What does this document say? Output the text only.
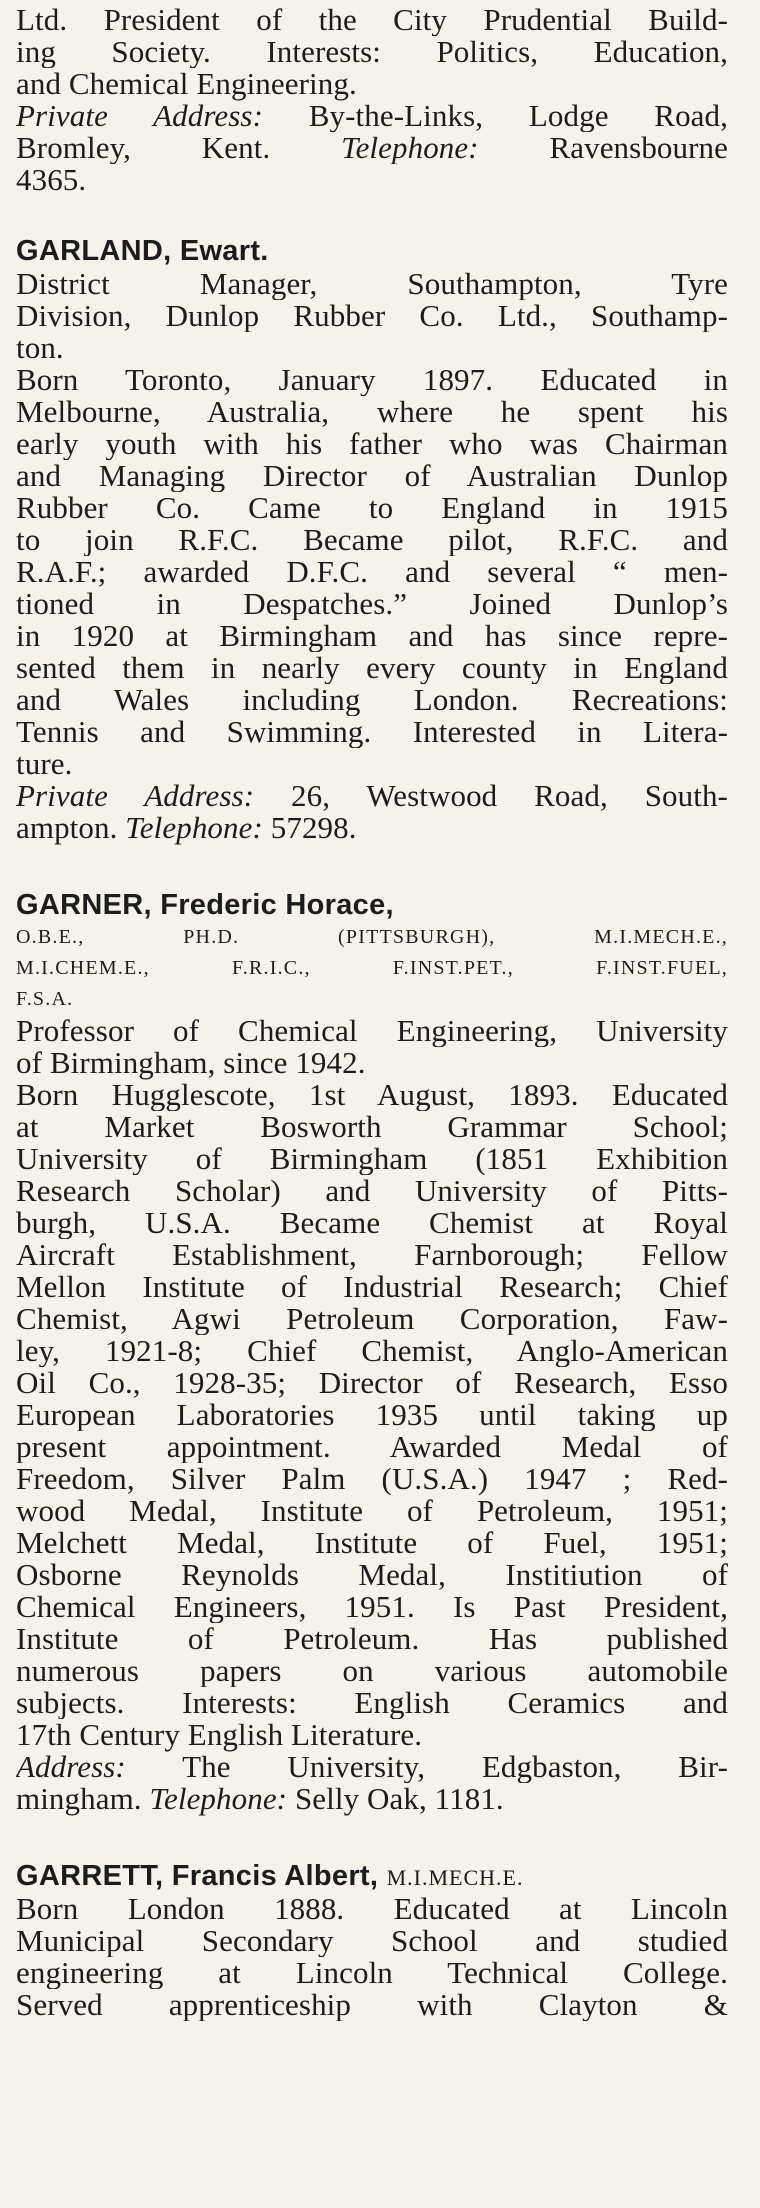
Ltd. President of the City Prudential Build-
ing Society. Interests: Politics, Education,
and Chemical Engineering.
Private Address: By-the-Links, Lodge Road,
Bromley, Kent. Telephone: Ravensbourne
4365.
GARLAND, Ewart.
District Manager, Southampton, Tyre
Division, Dunlop Rubber Co. Ltd., Southamp-
ton.
Born Toronto, January 1897. Educated in
Melbourne, Australia, where he spent his
early youth with his father who was Chairman
and Managing Director of Australian Dunlop
Rubber Co. Came to England in 1915
to join R.F.C. Became pilot, R.F.C. and
R.A.F.; awarded D.F.C. and several “ men-
tioned in Despatches.” Joined Dunlop’s
in 1920 at Birmingham and has since repre-
sented them in nearly every county in England
and Wales including London. Recreations:
Tennis and Swimming. Interested in Litera-
ture.
Private Address: 26, Westwood Road, South-
ampton. Telephone: 57298.
GARNER, Frederic Horace,
O.B.E., PH.D. (PITTSBURGH), M.I.MECH.E.,
M.I.CHEM.E., F.R.I.C., F.INST.PET., F.INST.FUEL,
F.S.A.
Professor of Chemical Engineering, University
of Birmingham, since 1942.
Born Hugglescote, 1st August, 1893. Educated
at Market Bosworth Grammar School;
University of Birmingham (1851 Exhibition
Research Scholar) and University of Pitts-
burgh, U.S.A. Became Chemist at Royal
Aircraft Establishment, Farnborough; Fellow
Mellon Institute of Industrial Research; Chief
Chemist, Agwi Petroleum Corporation, Faw-
ley, 1921-8; Chief Chemist, Anglo-American
Oil Co., 1928-35; Director of Research, Esso
European Laboratories 1935 until taking up
present appointment. Awarded Medal of
Freedom, Silver Palm (U.S.A.) 1947 ; Red-
wood Medal, Institute of Petroleum, 1951;
Melchett Medal, Institute of Fuel, 1951;
Osborne Reynolds Medal, Institiution of
Chemical Engineers, 1951. Is Past President,
Institute of Petroleum. Has published
numerous papers on various automobile
subjects. Interests: English Ceramics and
17th Century English Literature.
Address: The University, Edgbaston, Bir-
mingham. Telephone: Selly Oak, 1181.
GARRETT, Francis Albert, M.I.MECH.E.
Born London 1888. Educated at Lincoln
Municipal Secondary School and studied
engineering at Lincoln Technical College.
Served apprenticeship with Clayton &
